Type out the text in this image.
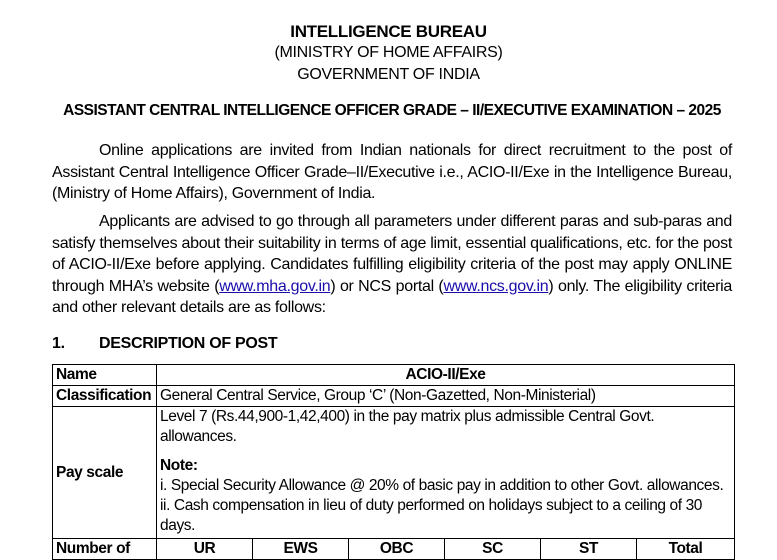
INTELLIGENCE BUREAU
(MINISTRY OF HOME AFFAIRS)
GOVERNMENT OF INDIA
ASSISTANT CENTRAL INTELLIGENCE OFFICER GRADE – II/EXECUTIVE EXAMINATION – 2025
Online applications are invited from Indian nationals for direct recruitment to the post of Assistant Central Intelligence Officer Grade–II/Executive i.e., ACIO-II/Exe in the Intelligence Bureau, (Ministry of Home Affairs), Government of India.
Applicants are advised to go through all parameters under different paras and sub-paras and satisfy themselves about their suitability in terms of age limit, essential qualifications, etc. for the post of ACIO-II/Exe before applying. Candidates fulfilling eligibility criteria of the post may apply ONLINE through MHA’s website (www.mha.gov.in) or NCS portal (www.ncs.gov.in) only. The eligibility criteria and other relevant details are as follows:
1. DESCRIPTION OF POST
Name	ACIO-II/Exe					
Classification	General Central Service, Group ‘C’ (Non-Gazetted, Non-Ministerial)					
Pay scale	Level 7 (Rs.44,900-1,42,400) in the pay matrix plus admissible Central Govt. allowances.
Note:
i. Special Security Allowance @ 20% of basic pay in addition to other Govt. allowances.
ii. Cash compensation in lieu of duty performed on holidays subject to a ceiling of 30 days.					

Number of	UR	EWS	OBC	SC	ST	Total
